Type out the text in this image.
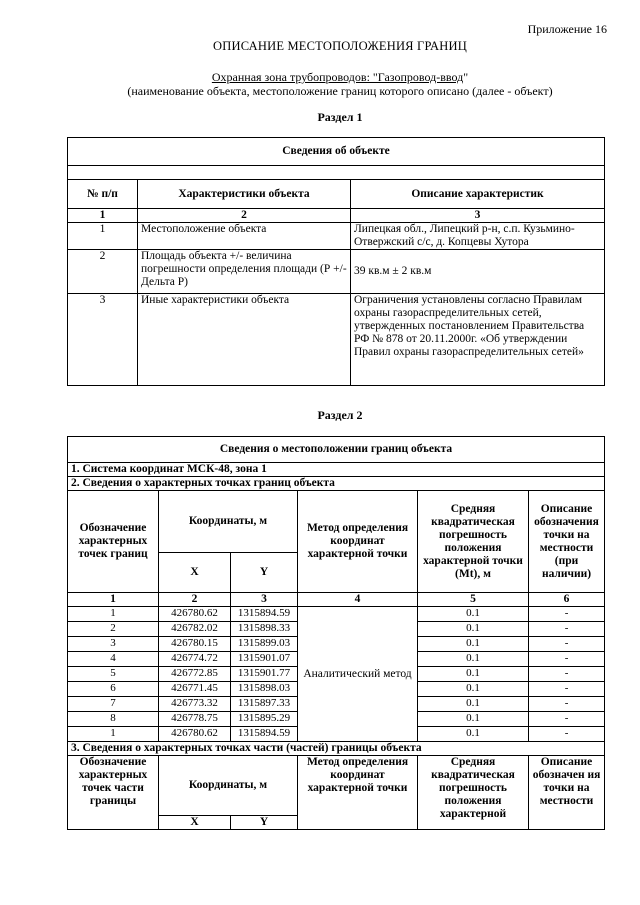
Приложение 16
ОПИСАНИЕ МЕСТОПОЛОЖЕНИЯ ГРАНИЦ
Охранная зона трубопроводов: "Газопровод-ввод"
(наименование объекта, местоположение границ которого описано (далее - объект)
Раздел 1
Сведения об объекте		

№ п/п	Характеристики объекта	Описание характеристик
1	2	3
1	Местоположение объекта	Липецкая обл., Липецкий р-н, с.п. Кузьмино-Отвержский с/с, д. Копцевы Хутора
2	Площадь объекта +/- величина погрешности определения площади (Р +/- Дельта Р)	39 кв.м ± 2 кв.м
3	Иные характеристики объекта	Ограничения установлены согласно Правилам охраны газораспределительных сетей, утвержденных постановлением Правительства РФ № 878 от 20.11.2000г. «Об утверждении Правил охраны газораспределительных сетей»
Раздел 2
Сведения о местоположении границ объекта					
1. Система координат МСК-48, зона 1					
2. Сведения о характерных точках границ объекта					
Обозначение характерных точек границ	Координаты, м		Метод определения координат характерной точки	Средняя квадратическая погрешность положения характерной точки (Mt), м	Описание обозначения точки на местности (при наличии)
	X	Y			
1	2	3	4	5	6
1	426780.62	1315894.59	Аналитический метод	0.1	-
2	426782.02	1315898.33		0.1	-
3	426780.15	1315899.03		0.1	-
4	426774.72	1315901.07		0.1	-
5	426772.85	1315901.77		0.1	-
6	426771.45	1315898.03		0.1	-
7	426773.32	1315897.33		0.1	-
8	426778.75	1315895.29		0.1	-
1	426780.62	1315894.59		0.1	-
3. Сведения о характерных точках части (частей) границы объекта					
Обозначение характерных точек части границы	Координаты, м		Метод определения координат характерной точки	Средняя квадратическая погрешность положения характерной	Описание обозначен ия точки на местности
	X	Y			
